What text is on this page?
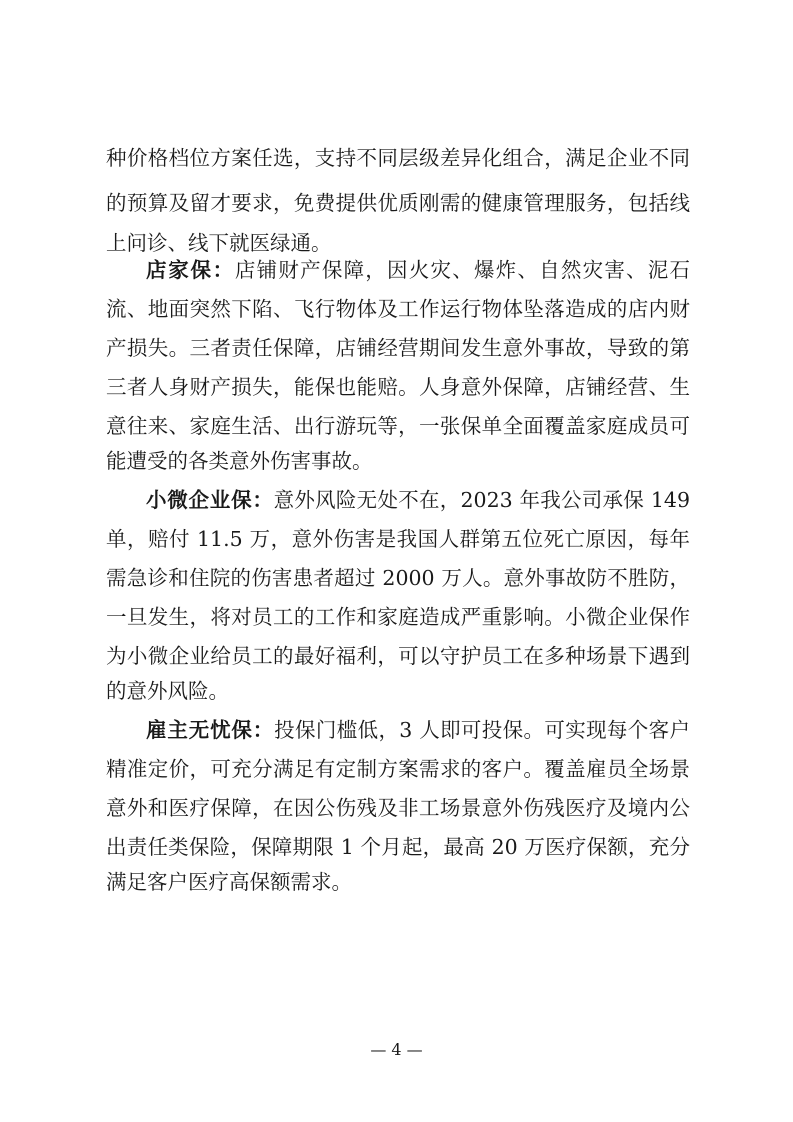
种价格档位方案任选，支持不同层级差异化组合，满足企业不同
的预算及留才要求，免费提供优质刚需的健康管理服务，包括线
上问诊、线下就医绿通。
店家保：店铺财产保障，因火灾、爆炸、自然灾害、泥石
流、地面突然下陷、飞行物体及工作运行物体坠落造成的店内财
产损失。三者责任保障，店铺经营期间发生意外事故，导致的第
三者人身财产损失，能保也能赔。人身意外保障，店铺经营、生
意往来、家庭生活、出行游玩等，一张保单全面覆盖家庭成员可
能遭受的各类意外伤害事故。
小微企业保：意外风险无处不在，2023 年我公司承保 149
单，赔付 11.5 万，意外伤害是我国人群第五位死亡原因，每年
需急诊和住院的伤害患者超过 2000 万人。意外事故防不胜防，
一旦发生，将对员工的工作和家庭造成严重影响。小微企业保作
为小微企业给员工的最好福利，可以守护员工在多种场景下遇到
的意外风险。
雇主无忧保：投保门槛低，3 人即可投保。可实现每个客户
精准定价，可充分满足有定制方案需求的客户。覆盖雇员全场景
意外和医疗保障，在因公伤残及非工场景意外伤残医疗及境内公
出责任类保险，保障期限 1 个月起，最高 20 万医疗保额，充分
满足客户医疗高保额需求。
— 4 —
